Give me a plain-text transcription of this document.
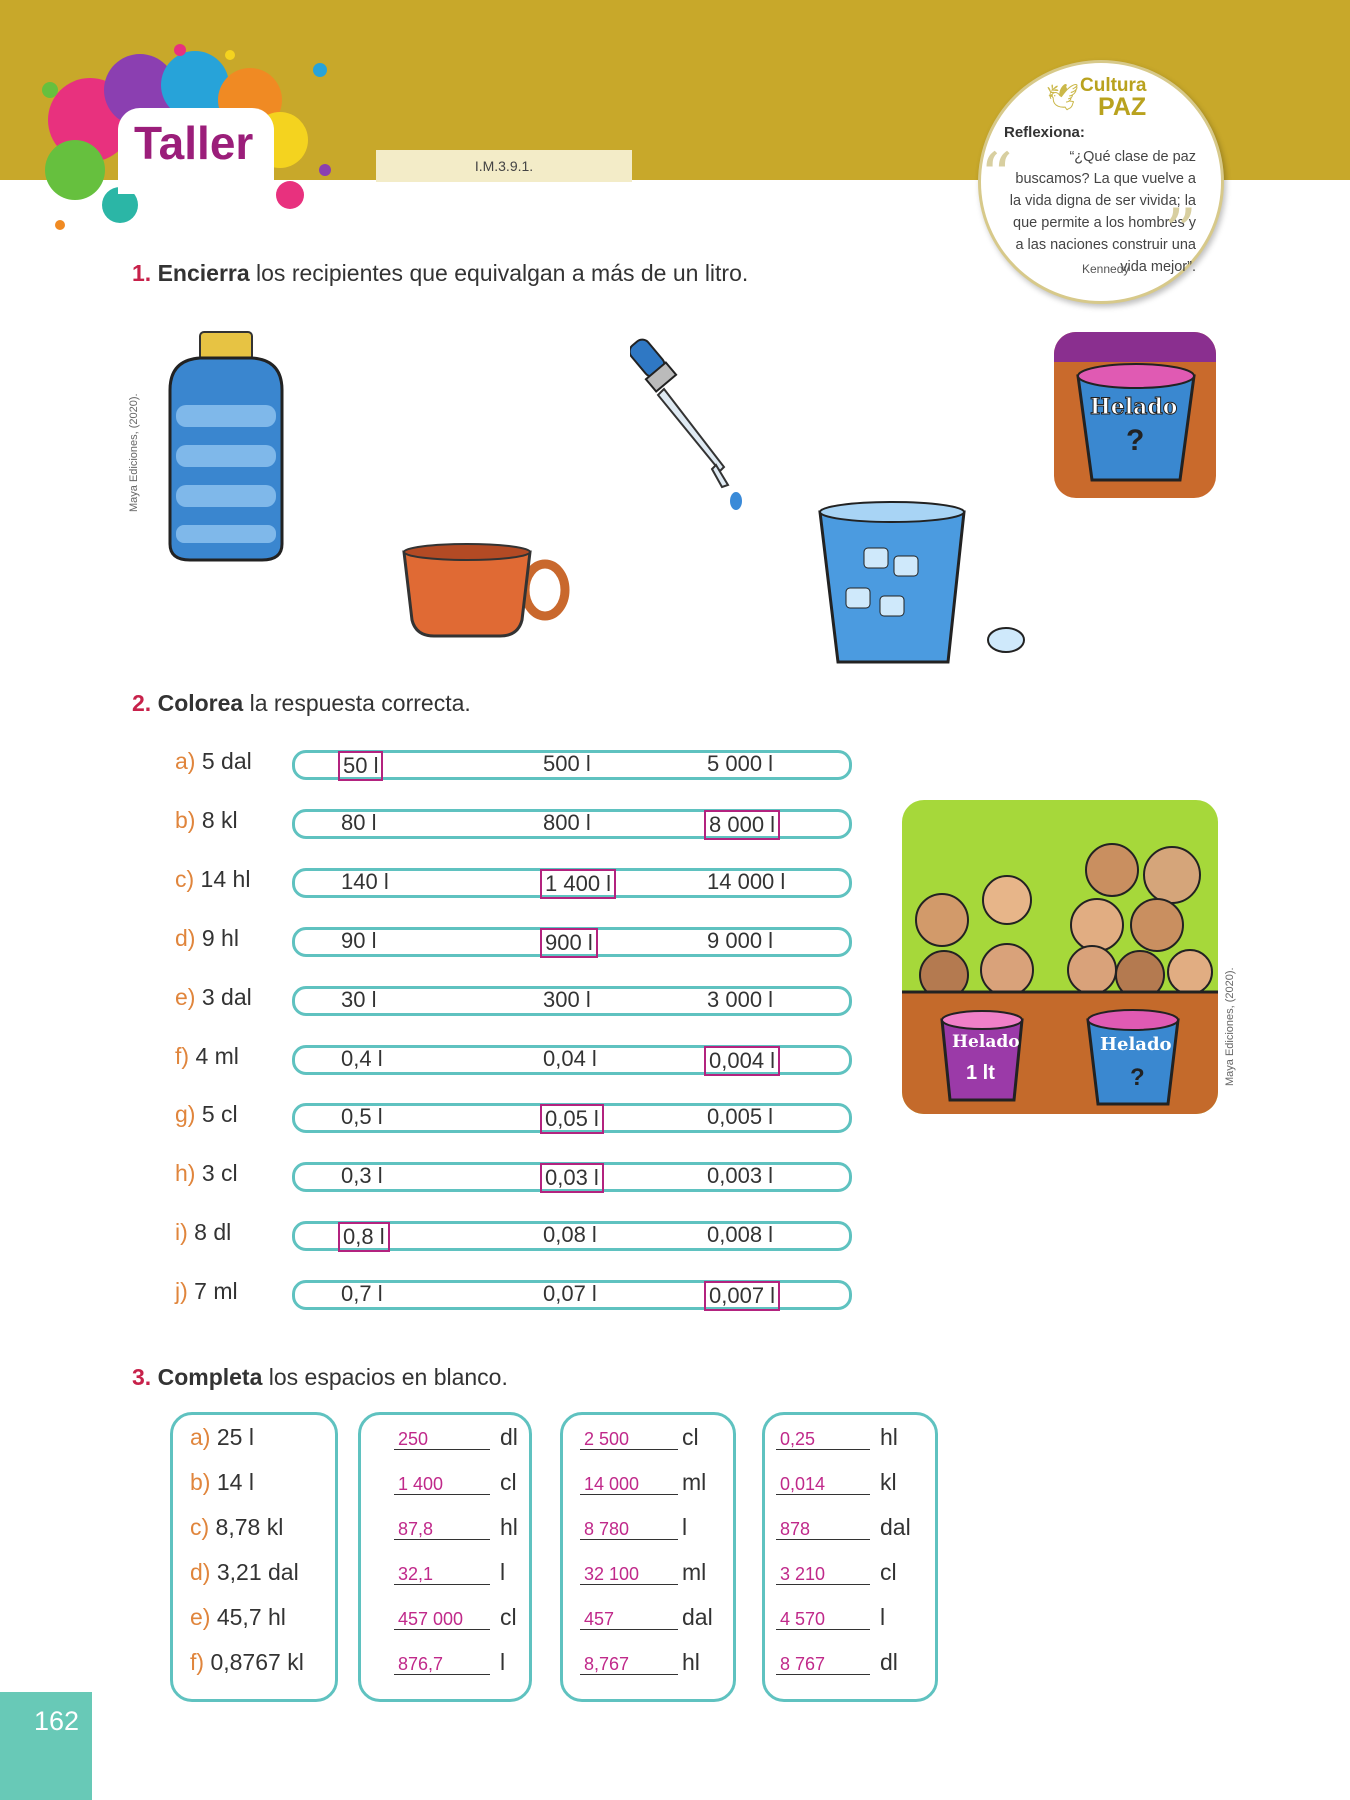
Taller	I.M.3.9.1.
🕊 Cultura
PAZ
Reflexiona:
“	“¿Qué clase de paz buscamos? La que vuelve a la vida digna de ser vivida; la que permite a los hombres y a las naciones construir una vida mejor”.
”
Kennedy
1. Encierra los recipientes que equivalgan a más de un litro.
Maya Ediciones, (2020).	Helado
?
2. Colorea la respuesta correcta.
a) 5 dal	50 l	500 l	5 000 l
b) 8 kl	80 l	800 l	8 000 l
c) 14 hl	140 l	1 400 l	14 000 l
d) 9 hl	90 l	900 l	9 000 l
e) 3 dal	30 l	300 l	3 000 l
f) 4 ml	0,4 l	0,04 l	0,004 l
g) 5 cl	0,5 l	0,05 l	0,005 l
h) 3 cl	0,3 l	0,03 l	0,003 l
i) 8 dl	0,8 l	0,08 l	0,008 l
j) 7 ml	0,7 l	0,07 l	0,007 l
Helado
1 lt
Helado
?	Maya Ediciones, (2020).
3. Completa los espacios en blanco.
a) 25 l	250	dl	2 500	cl	0,25	hl
b) 14 l	1 400	cl	14 000	ml	0,014	kl
c) 8,78 kl	87,8	hl	8 780	l	878	dal
d) 3,21 dal	32,1	l	32 100	ml	3 210	cl
e) 45,7 hl	457 000	cl	457	dal	4 570	l
f) 0,8767 kl	876,7	l	8,767	hl	8 767	dl
162
